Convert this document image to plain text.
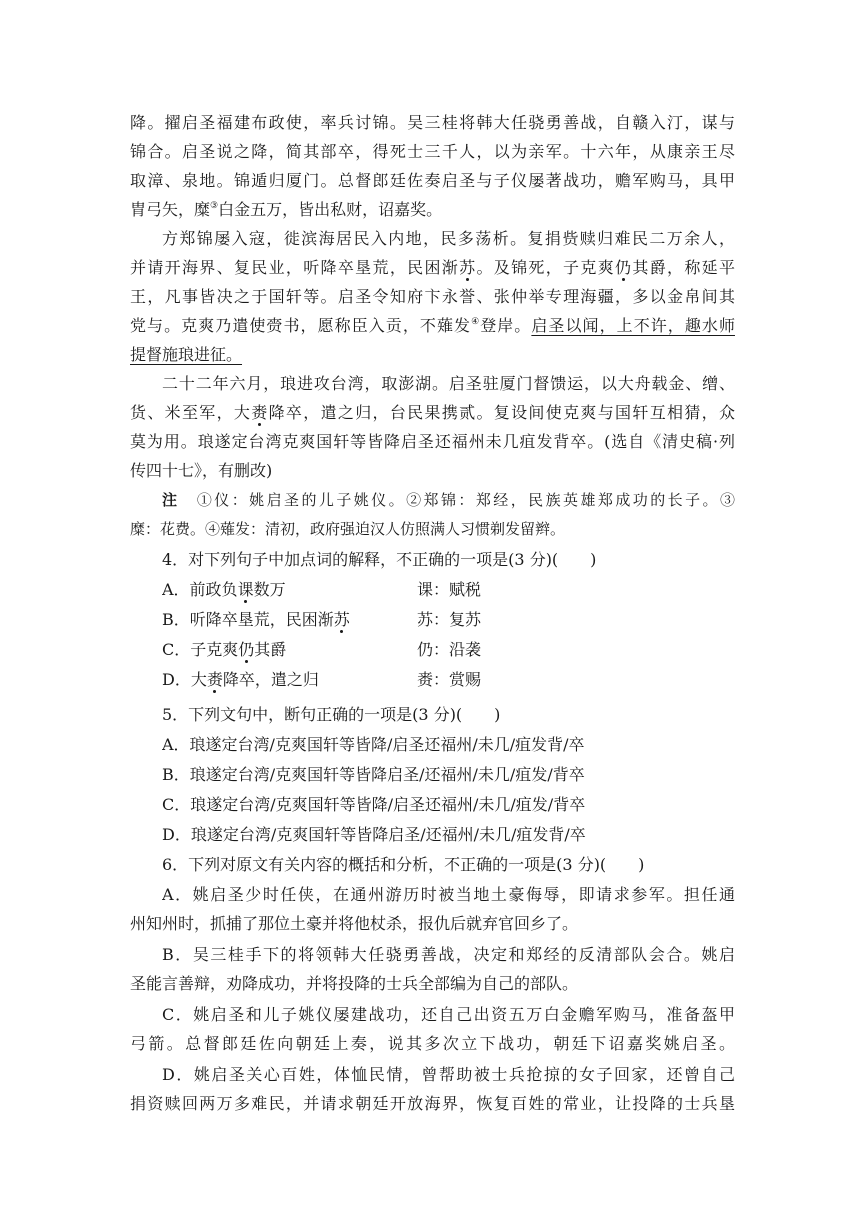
降。擢启圣福建布政使，率兵讨锦。吴三桂将韩大任骁勇善战，自赣入汀，谋与
锦合。启圣说之降，简其部卒，得死士三千人，以为亲军。十六年，从康亲王尽
取漳、泉地。锦遁归厦门。总督郎廷佐奏启圣与子仪屡著战功，赡军购马，具甲
胄弓矢，糜③白金五万，皆出私财，诏嘉奖。
方郑锦屡入寇，徙滨海居民入内地，民多荡析。复捐赀赎归难民二万余人，
并请开海界、复民业，听降卒垦荒，民困渐苏。及锦死，子克爽仍其爵，称延平
王，凡事皆决之于国轩等。启圣令知府卞永誉、张仲举专理海疆，多以金帛间其
党与。克爽乃遣使赍书，愿称臣入贡，不薙发④登岸。启圣以闻，上不许，趣水师
提督施琅进征。
二十二年六月，琅进攻台湾，取澎湖。启圣驻厦门督馈运，以大舟载金、缯、
货、米至军，大赉降卒，遣之归，台民果携贰。复设间使克爽与国轩互相猜，众
莫为用。琅遂定台湾克爽国轩等皆降启圣还福州未几疽发背卒。(选自《清史稿·列
传四十七》，有删改)
注　 ①仪：姚启圣的儿子姚仪。②郑锦：郑经，民族英雄郑成功的长子。③
糜：花费。④薙发：清初，政府强迫汉人仿照满人习惯剃发留辫。
4．对下列句子中加点词的解释，不正确的一项是(3 分)(　　)
A．前政负课数万	课：赋税
B．听降卒垦荒，民困渐苏	苏：复苏
C．子克爽仍其爵	仍：沿袭
D．大赉降卒，遣之归	赉：赏赐
5．下列文句中，断句正确的一项是(3 分)(　　)
A．琅遂定台湾/克爽国轩等皆降/启圣还福州/未几/疽发背/卒
B．琅遂定台湾/克爽国轩等皆降启圣/还福州/未几/疽发/背卒
C．琅遂定台湾/克爽国轩等皆降/启圣还福州/未几/疽发/背卒
D．琅遂定台湾/克爽国轩等皆降启圣/还福州/未几/疽发背/卒
6．下列对原文有关内容的概括和分析，不正确的一项是(3 分)(　　)
A．姚启圣少时任侠，在通州游历时被当地土豪侮辱，即请求参军。担任通
州知州时，抓捕了那位土豪并将他杖杀，报仇后就弃官回乡了。
B．吴三桂手下的将领韩大任骁勇善战，决定和郑经的反清部队会合。姚启
圣能言善辩，劝降成功，并将投降的士兵全部编为自己的部队。
C．姚启圣和儿子姚仪屡建战功，还自己出资五万白金赡军购马，准备盔甲
弓箭。总督郎廷佐向朝廷上奏，说其多次立下战功，朝廷下诏嘉奖姚启圣。
D．姚启圣关心百姓，体恤民情，曾帮助被士兵抢掠的女子回家，还曾自己
捐资赎回两万多难民，并请求朝廷开放海界，恢复百姓的常业，让投降的士兵垦
